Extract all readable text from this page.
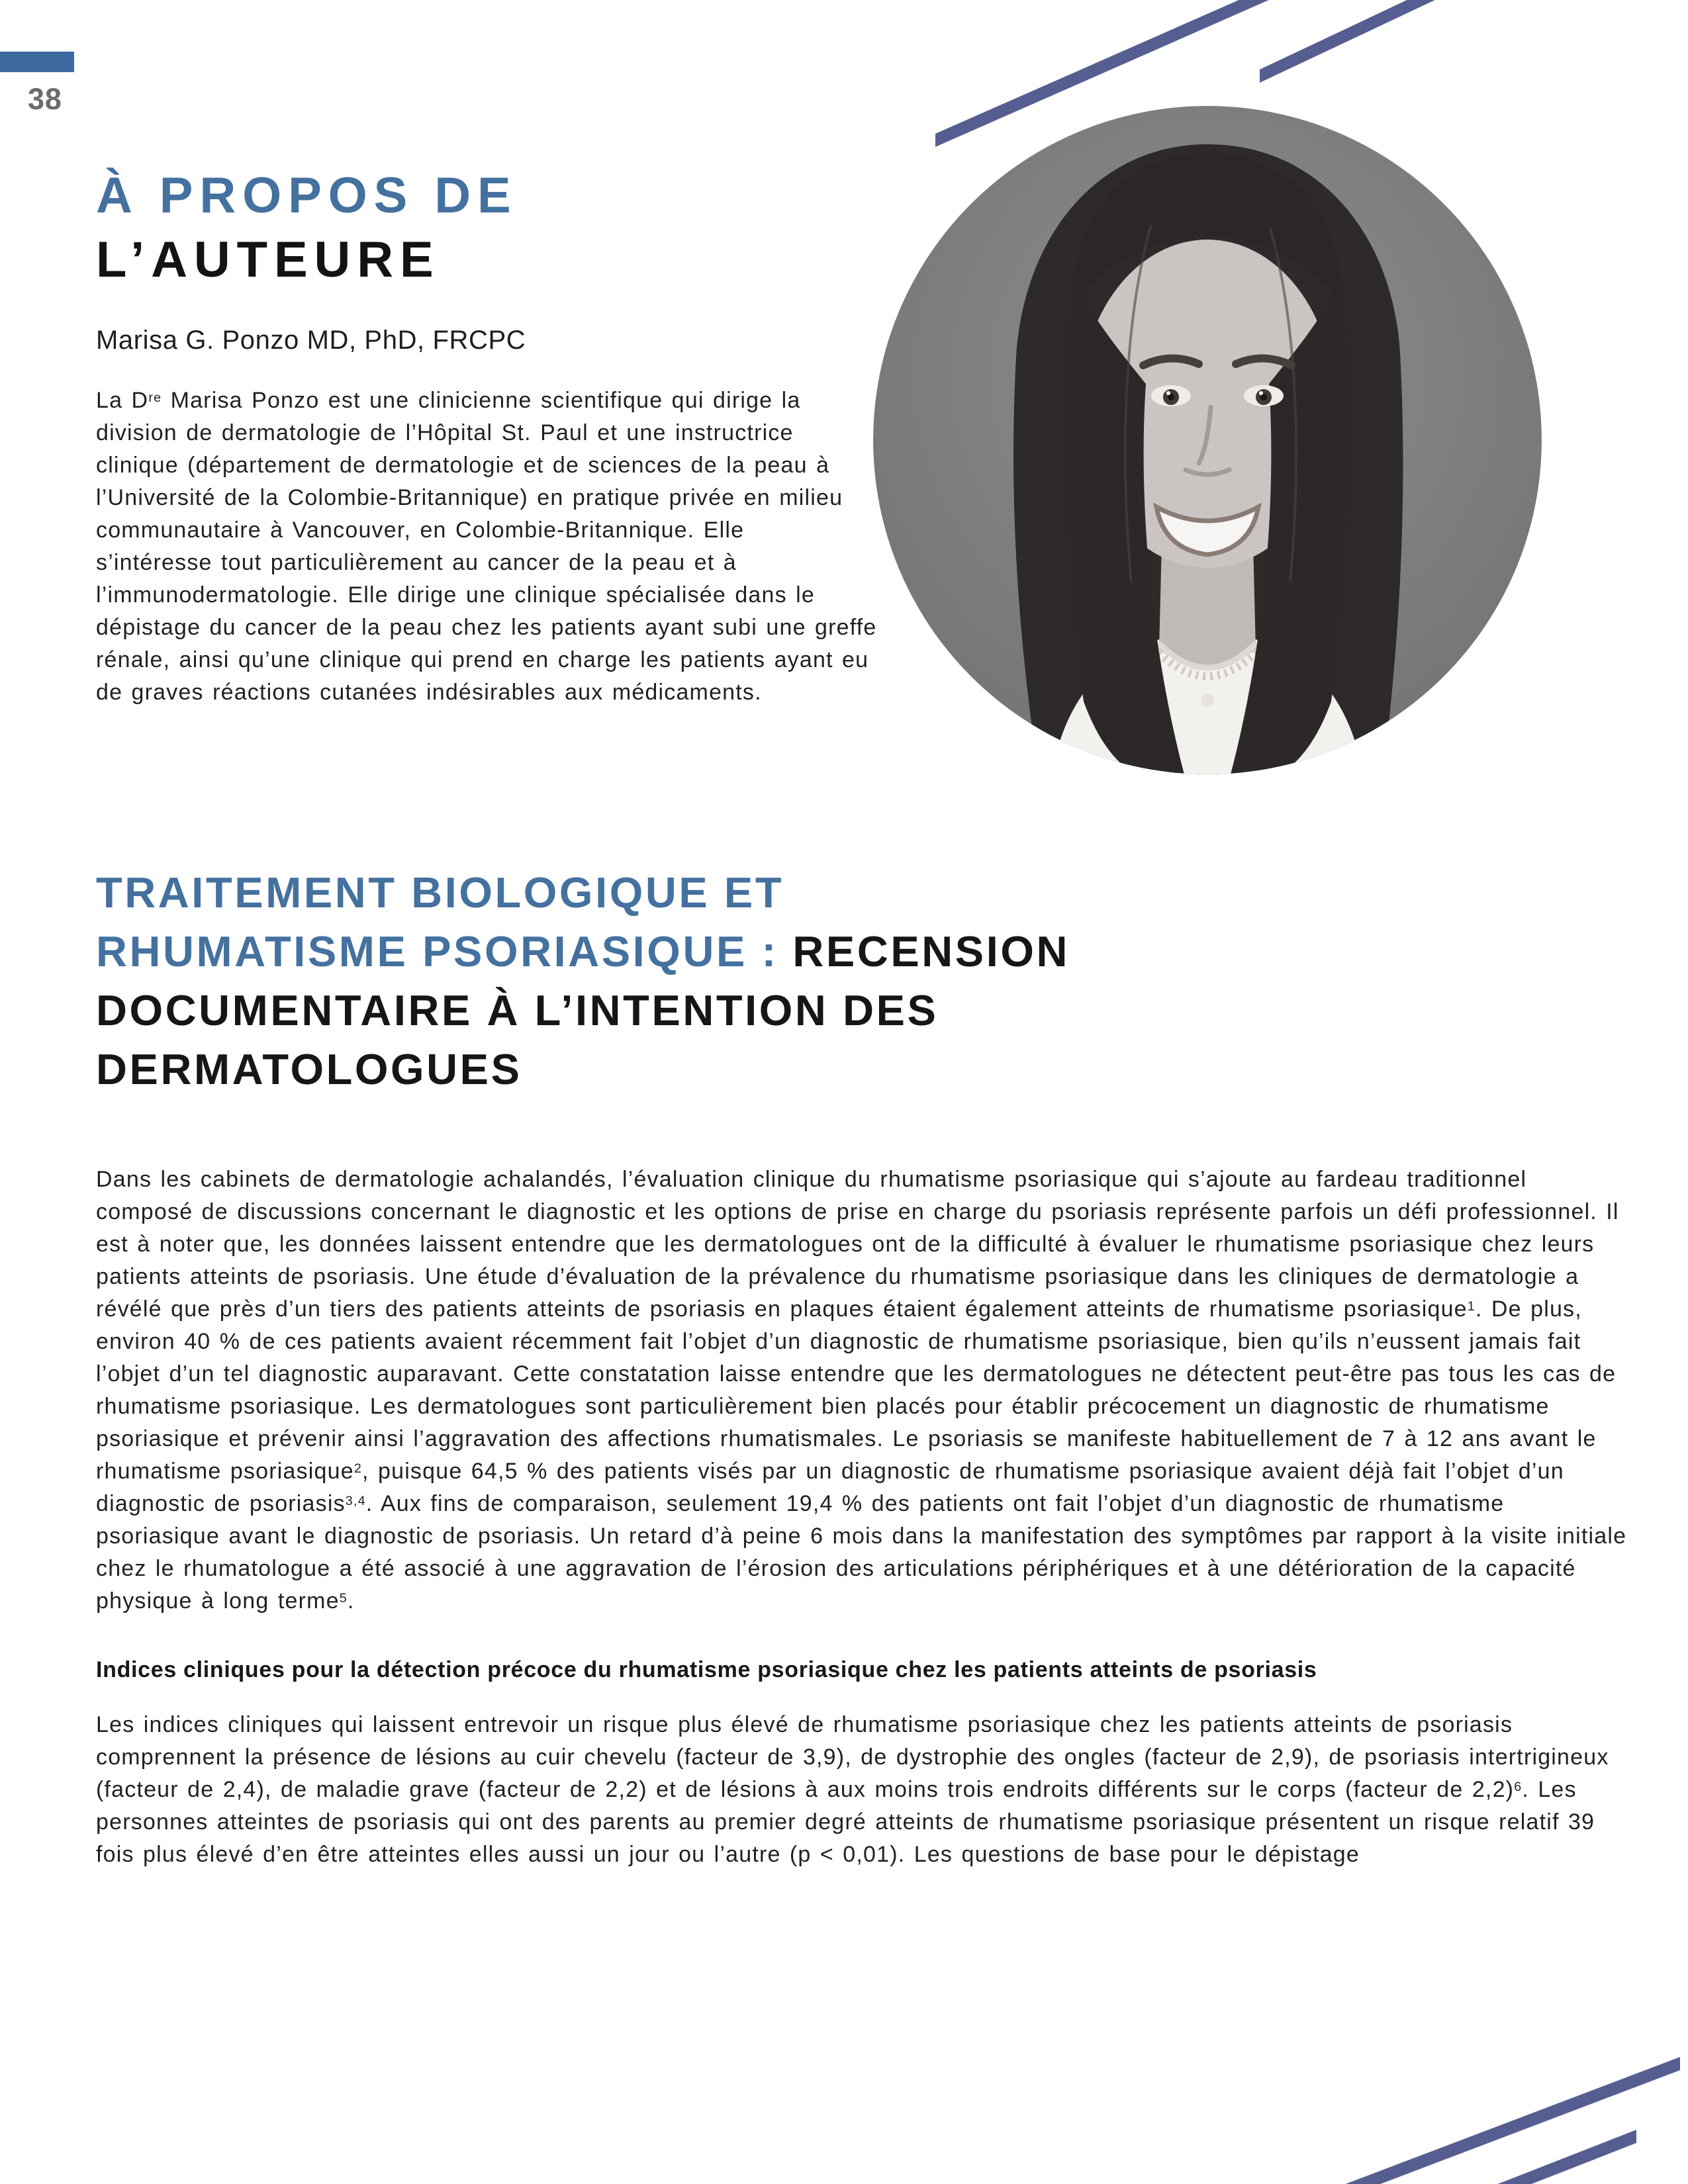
38
À PROPOS DE
L’AUTEURE
Marisa G. Ponzo MD, PhD, FRCPC

La Dre Marisa Ponzo est une clinicienne scientifique qui dirige la division de dermatologie de l’Hôpital St. Paul et une instructrice clinique (département de dermatologie et de sciences de la peau à l’Université de la Colombie-Britannique) en pratique privée en milieu communautaire à Vancouver, en Colombie-Britannique. Elle s’intéresse tout particulièrement au cancer de la peau et à l’immunodermatologie. Elle dirige une clinique spécialisée dans le dépistage du cancer de la peau chez les patients ayant subi une greffe rénale, ainsi qu’une clinique qui prend en charge les patients ayant eu de graves réactions cutanées indésirables aux médicaments.

TRAITEMENT BIOLOGIQUE ET
RHUMATISME PSORIASIQUE : RECENSION
DOCUMENTAIRE À L’INTENTION DES
DERMATOLOGUES

Dans les cabinets de dermatologie achalandés, l’évaluation clinique du rhumatisme psoriasique qui s’ajoute au fardeau traditionnel composé de discussions concernant le diagnostic et les options de prise en charge du psoriasis représente parfois un défi professionnel. Il est à noter que, les données laissent entendre que les dermatologues ont de la difficulté à évaluer le rhumatisme psoriasique chez leurs patients atteints de psoriasis. Une étude d’évaluation de la prévalence du rhumatisme psoriasique dans les cliniques de dermatologie a révélé que près d’un tiers des patients atteints de psoriasis en plaques étaient également atteints de rhumatisme psoriasique$^1$. De plus, environ 40 % de ces patients avaient récemment fait l’objet d’un diagnostic de rhumatisme psoriasique, bien qu’ils n’eussent jamais fait l’objet d’un tel diagnostic auparavant. Cette constatation laisse entendre que les dermatologues ne détectent peut-être pas tous les cas de rhumatisme psoriasique. Les dermatologues sont particulièrement bien placés pour établir précocement un diagnostic de rhumatisme psoriasique et prévenir ainsi l’aggravation des affections rhumatismales. Le psoriasis se manifeste habituellement de 7 à 12 ans avant le rhumatisme psoriasique$^2$, puisque 64,5 % des patients visés par un diagnostic de rhumatisme psoriasique avaient déjà fait l’objet d’un diagnostic de psoriasis$^{3,4}$. Aux fins de comparaison, seulement 19,4 % des patients ont fait l’objet d’un diagnostic de rhumatisme psoriasique avant le diagnostic de psoriasis. Un retard d’à peine 6 mois dans la manifestation des symptômes par rapport à la visite initiale chez le rhumatologue a été associé à une aggravation de l’érosion des articulations périphériques et à une détérioration de la capacité physique à long terme$^5$.

Indices cliniques pour la détection précoce du rhumatisme psoriasique chez les patients atteints de psoriasis

Les indices cliniques qui laissent entrevoir un risque plus élevé de rhumatisme psoriasique chez les patients atteints de psoriasis comprennent la présence de lésions au cuir chevelu (facteur de 3,9), de dystrophie des ongles (facteur de 2,9), de psoriasis intertrigineux (facteur de 2,4), de maladie grave (facteur de 2,2) et de lésions à aux moins trois endroits différents sur le corps (facteur de 2,2)$^6$. Les personnes atteintes de psoriasis qui ont des parents au premier degré atteints de rhumatisme psoriasique présentent un risque relatif 39 fois plus élevé d’en être atteintes elles aussi un jour ou l’autre (p < 0,01). Les questions de base pour le dépistage
